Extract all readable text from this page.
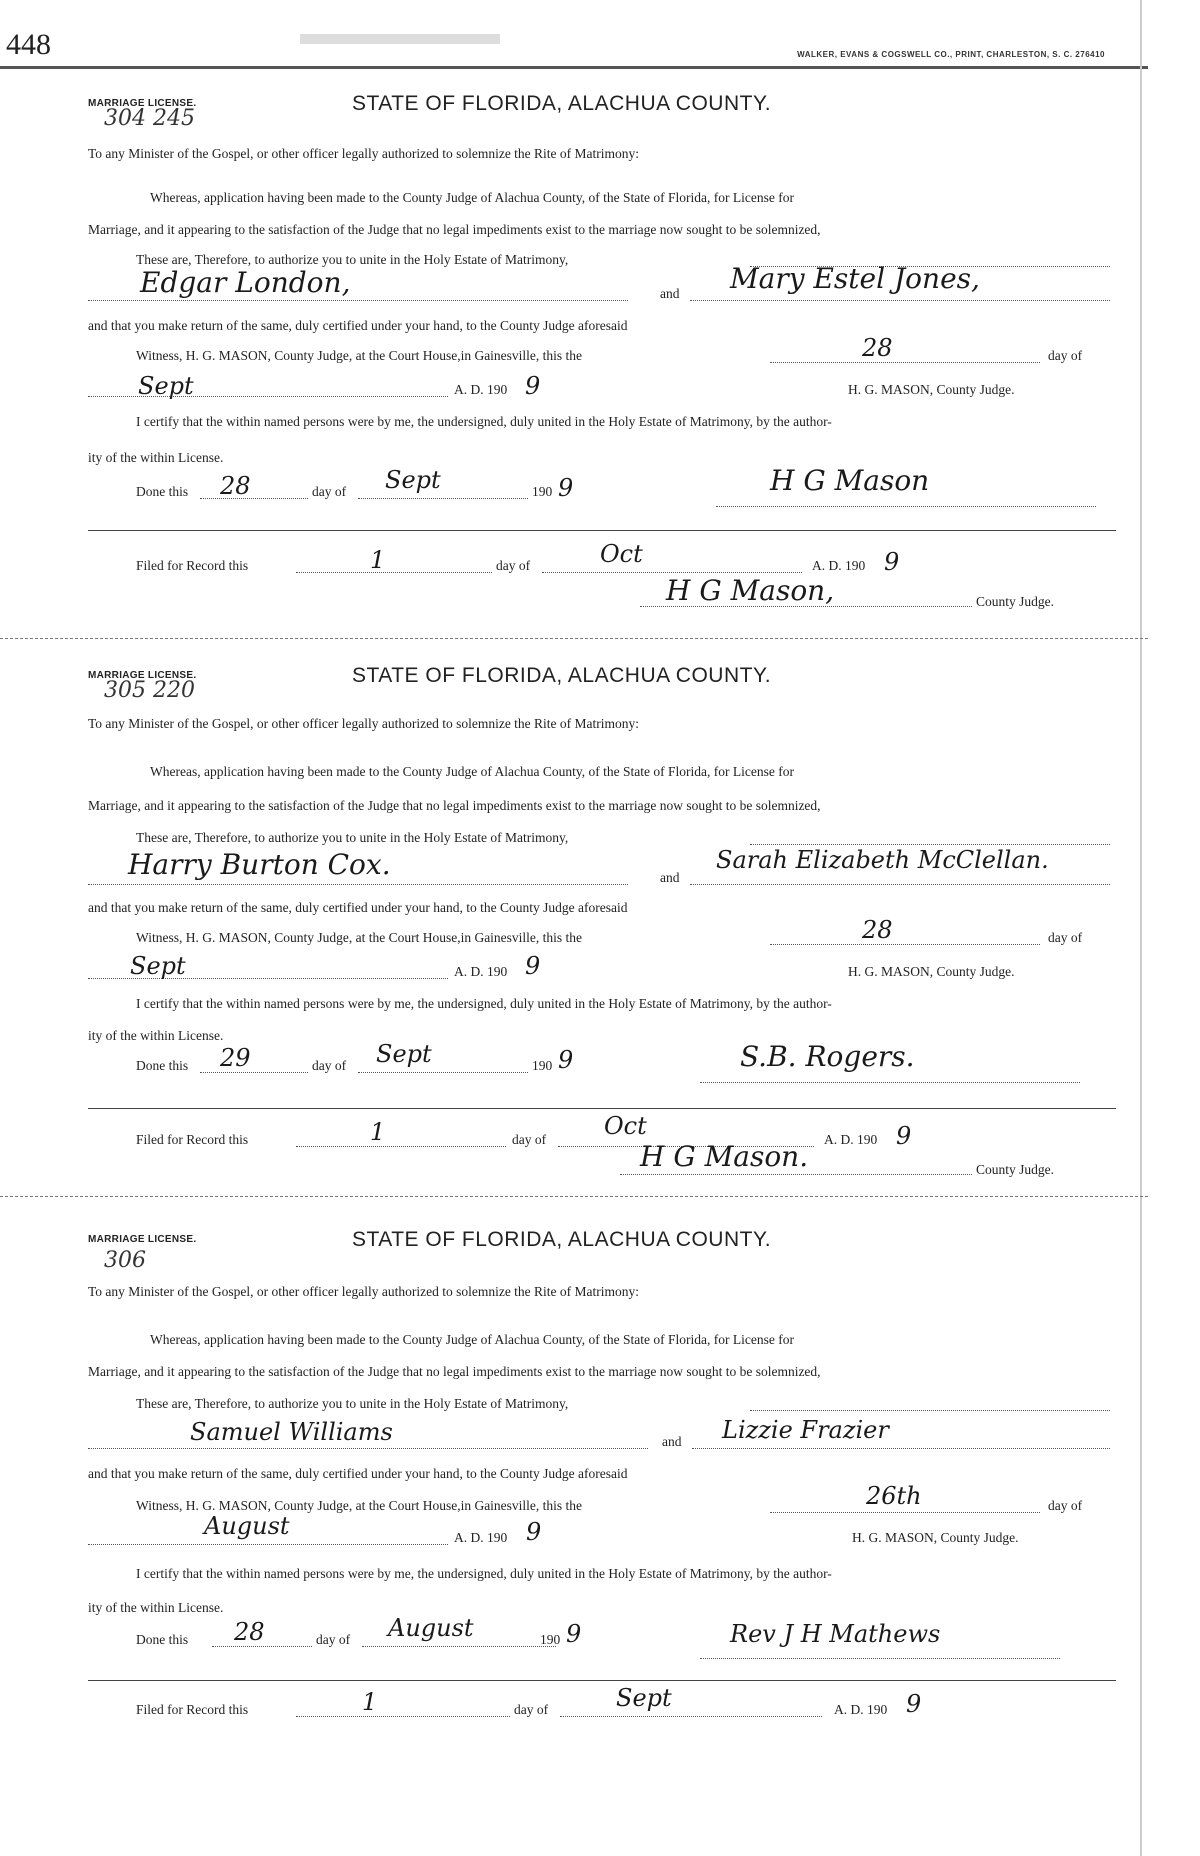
448	WALKER, EVANS & COGSWELL CO., PRINT, CHARLESTON, S. C. 276410
MARRIAGE LICENSE.
304 245
STATE OF FLORIDA, ALACHUA COUNTY.
To any Minister of the Gospel, or other officer legally authorized to solemnize the Rite of Matrimony:
Whereas, application having been made to the County Judge of Alachua County, of the State of Florida, for License for
Marriage, and it appearing to the satisfaction of the Judge that no legal impediments exist to the marriage now sought to be solemnized,
These are, Therefore, to authorize you to unite in the Holy Estate of Matrimony,
Edgar London,	and Mary Estel Jones,
and that you make return of the same, duly certified under your hand, to the County Judge aforesaid
Witness, H. G. MASON, County Judge, at the Court House,in Gainesville, this the	28	day of
Sept	A. D. 190 9	H. G. MASON, County Judge.
I certify that the within named persons were by me, the undersigned, duly united in the Holy Estate of Matrimony, by the author-
ity of the within License.
Done this 28	day of Sept	190 9	H G Mason
Filed for Record this	1	day of	Oct	A. D. 190 9
H G Mason,	County Judge.
MARRIAGE LICENSE.
305 220
STATE OF FLORIDA, ALACHUA COUNTY.
To any Minister of the Gospel, or other officer legally authorized to solemnize the Rite of Matrimony:
Whereas, application having been made to the County Judge of Alachua County, of the State of Florida, for License for
Marriage, and it appearing to the satisfaction of the Judge that no legal impediments exist to the marriage now sought to be solemnized,
These are, Therefore, to authorize you to unite in the Holy Estate of Matrimony,
Harry Burton Cox.	and
Sarah Elizabeth McClellan.
and that you make return of the same, duly certified under your hand, to the County Judge aforesaid
Witness, H. G. MASON, County Judge, at the Court House,in Gainesville, this the	28	day of
Sept	A. D. 190 9	H. G. MASON, County Judge.
I certify that the within named persons were by me, the undersigned, duly united in the Holy Estate of Matrimony, by the author-
ity of the within License.
Done this 29	day of Sept	190 9	S.B. Rogers.
Filed for Record this	1	day of Oct	A. D. 190 9
H G Mason.	County Judge.
MARRIAGE LICENSE.
306
STATE OF FLORIDA, ALACHUA COUNTY.
To any Minister of the Gospel, or other officer legally authorized to solemnize the Rite of Matrimony:
Whereas, application having been made to the County Judge of Alachua County, of the State of Florida, for License for
Marriage, and it appearing to the satisfaction of the Judge that no legal impediments exist to the marriage now sought to be solemnized,
These are, Therefore, to authorize you to unite in the Holy Estate of Matrimony,
Samuel Williams	and Lizzie Frazier
and that you make return of the same, duly certified under your hand, to the County Judge aforesaid
Witness, H. G. MASON, County Judge, at the Court House,in Gainesville, this the	26th	day of
August	A. D. 190 9	H. G. MASON, County Judge.
I certify that the within named persons were by me, the undersigned, duly united in the Holy Estate of Matrimony, by the author-
ity of the within License.
Done this 28	day of August	190 9	Rev J H Mathews
Filed for Record this	1	day of	Sept	A. D. 190 9
